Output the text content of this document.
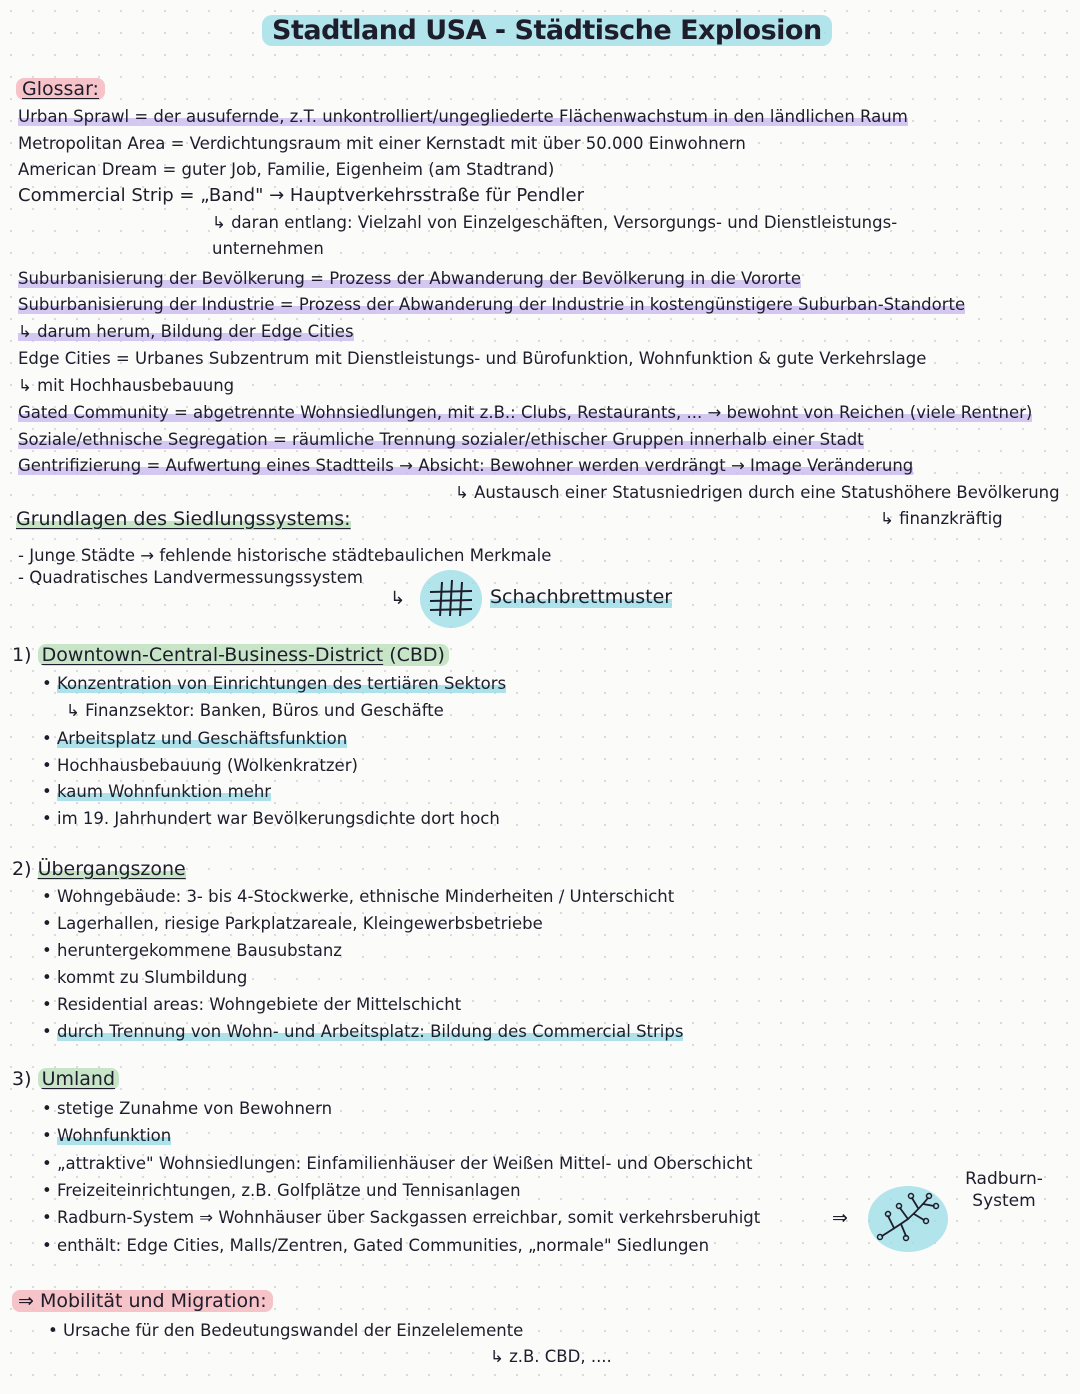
Stadtland USA - Städtische Explosion
Glossar:
Urban Sprawl = der ausufernde, z.T. unkontrolliert/ungegliederte Flächenwachstum in den ländlichen Raum
Metropolitan Area = Verdichtungsraum mit einer Kernstadt mit über 50.000 Einwohnern
American Dream = guter Job, Familie, Eigenheim (am Stadtrand)
Commercial Strip = „Band" → Hauptverkehrsstraße für Pendler
↳ daran entlang: Vielzahl von Einzelgeschäften, Versorgungs- und Dienstleistungs-
unternehmen
Suburbanisierung der Bevölkerung = Prozess der Abwanderung der Bevölkerung in die Vororte
Suburbanisierung der Industrie = Prozess der Abwanderung der Industrie in kostengünstigere Suburban-Standorte
↳ darum herum, Bildung der Edge Cities
Edge Cities = Urbanes Subzentrum mit Dienstleistungs- und Bürofunktion, Wohnfunktion & gute Verkehrslage
↳ mit Hochhausbebauung
Gated Community = abgetrennte Wohnsiedlungen, mit z.B.: Clubs, Restaurants, ... → bewohnt von Reichen (viele Rentner)
Soziale/ethnische Segregation = räumliche Trennung sozialer/ethischer Gruppen innerhalb einer Stadt
Gentrifizierung = Aufwertung eines Stadtteils → Absicht: Bewohner werden verdrängt → Image Veränderung
↳ Austausch einer Statusniedrigen durch eine Statushöhere Bevölkerung
↳ finanzkräftig
Grundlagen des Siedlungssystems:
- Junge Städte → fehlende historische städtebaulichen Merkmale
- Quadratisches Landvermessungssystem
↳	Schachbrettmuster
1) Downtown-Central-Business-District (CBD)
• Konzentration von Einrichtungen des tertiären Sektors
↳ Finanzsektor: Banken, Büros und Geschäfte
• Arbeitsplatz und Geschäftsfunktion
• Hochhausbebauung (Wolkenkratzer)
• kaum Wohnfunktion mehr
• im 19. Jahrhundert war Bevölkerungsdichte dort hoch
2) Übergangszone
• Wohngebäude: 3- bis 4-Stockwerke, ethnische Minderheiten / Unterschicht
• Lagerhallen, riesige Parkplatzareale, Kleingewerbsbetriebe
• heruntergekommene Bausubstanz
• kommt zu Slumbildung
• Residential areas: Wohngebiete der Mittelschicht
• durch Trennung von Wohn- und Arbeitsplatz: Bildung des Commercial Strips
3) Umland
• stetige Zunahme von Bewohnern
• Wohnfunktion
• „attraktive" Wohnsiedlungen: Einfamilienhäuser der Weißen Mittel- und Oberschicht
• Freizeiteinrichtungen, z.B. Golfplätze und Tennisanlagen
• Radburn-System ⇒ Wohnhäuser über Sackgassen erreichbar, somit verkehrsberuhigt
• enthält: Edge Cities, Malls/Zentren, Gated Communities, „normale" Siedlungen
⇒
Radburn-System
⇒ Mobilität und Migration:
• Ursache für den Bedeutungswandel der Einzelelemente
↳ z.B. CBD, ....
